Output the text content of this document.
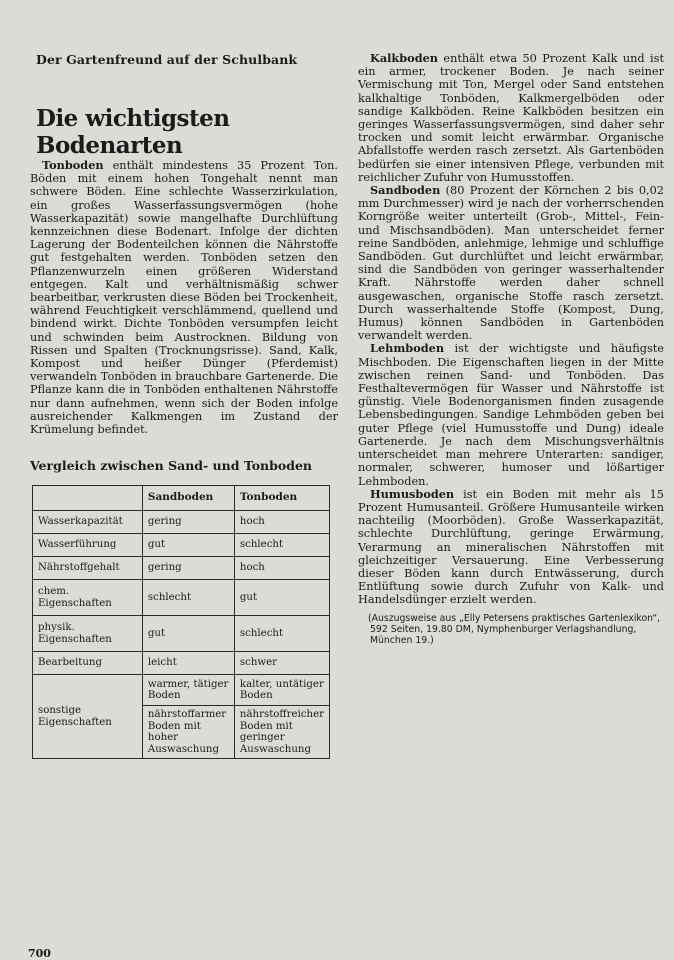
Der Gartenfreund auf der Schulbank
Die wichtigsten Bodenarten

Tonboden enthält mindestens 35 Prozent Ton. Böden mit einem hohen Tongehalt nennt man schwere Böden. Eine schlechte Wasserzirkulation, ein großes Wasserfassungsvermögen (hohe Wasserkapazität) sowie mangelhafte Durchlüftung kennzeichnen diese Bodenart. Infolge der dichten Lagerung der Bodenteilchen können die Nährstoffe gut festgehalten werden. Tonböden setzen den Pflanzenwurzeln einen größeren Widerstand entgegen. Kalt und verhältnismäßig schwer bearbeitbar, verkrusten diese Böden bei Trockenheit, während Feuchtigkeit verschlämmend, quellend und bindend wirkt. Dichte Tonböden versumpfen leicht und schwinden beim Austrocknen. Bildung von Rissen und Spalten (Trocknungsrisse). Sand, Kalk, Kompost und heißer Dünger (Pferdemist) verwandeln Tonböden in brauchbare Gartenerde. Die Pflanze kann die in Tonböden enthaltenen Nährstoffe nur dann aufnehmen, wenn sich der Boden infolge ausreichender Kalkmengen im Zustand der Krümelung befindet.

Vergleich zwischen Sand- und Tonboden
	Sandboden	Tonboden
Wasserkapazität	gering	hoch
Wasserführung	gut	schlecht
Nährstoffgehalt	gering	hoch
chem. Eigenschaften	schlecht	gut
physik. Eigenschaften	gut	schlecht
Bearbeitung	leicht	schwer
sonstige Eigenschaften	warmer, tätiger Boden	kalter, untätiger Boden
	nährstoffarmer Boden mit hoher Auswaschung	nährstoffreicher Boden mit geringer Auswaschung

Kalkboden enthält etwa 50 Prozent Kalk und ist ein armer, trockener Boden. Je nach seiner Vermischung mit Ton, Mergel oder Sand entstehen kalkhaltige Tonböden, Kalkmergelböden oder sandige Kalkböden. Reine Kalkböden besitzen ein geringes Wasserfassungsvermögen, sind daher sehr trocken und somit leicht erwärmbar. Organische Abfallstoffe werden rasch zersetzt. Als Gartenböden bedürfen sie einer intensiven Pflege, verbunden mit reichlicher Zufuhr von Humusstoffen.

Sandboden (80 Prozent der Körnchen 2 bis 0,02 mm Durchmesser) wird je nach der vorherrschenden Korngröße weiter unterteilt (Grob-, Mittel-, Fein- und Mischsandböden). Man unterscheidet ferner reine Sandböden, anlehmige, lehmige und schluffige Sandböden. Gut durchlüftet und leicht erwärmbar, sind die Sandböden von geringer wasserhaltender Kraft. Nährstoffe werden daher schnell ausgewaschen, organische Stoffe rasch zersetzt. Durch wasserhaltende Stoffe (Kompost, Dung, Humus) können Sandböden in Gartenböden verwandelt werden.

Lehmboden ist der wichtigste und häufigste Mischboden. Die Eigenschaften liegen in der Mitte zwischen reinen Sand- und Tonböden. Das Festhaltevermögen für Wasser und Nährstoffe ist günstig. Viele Bodenorganismen finden zusagende Lebensbedingungen. Sandige Lehmböden geben bei guter Pflege (viel Humusstoffe und Dung) ideale Gartenerde. Je nach dem Mischungsverhältnis unterscheidet man mehrere Unterarten: sandiger, normaler, schwerer, humoser und lößartiger Lehmboden.

Humusboden ist ein Boden mit mehr als 15 Prozent Humusanteil. Größere Humusanteile wirken nachteilig (Moorböden). Große Wasserkapazität, schlechte Durchlüftung, geringe Erwärmung, Verarmung an mineralischen Nährstoffen mit gleichzeitiger Versauerung. Eine Verbesserung dieser Böden kann durch Entwässerung, durch Entlüftung sowie durch Zufuhr von Kalk- und Handelsdünger erzielt werden.

(Auszugsweise aus „Elly Petersens praktisches Gartenlexikon“, 592 Seiten, 19.80 DM, Nymphenburger Verlagshandlung, München 19.)
700
